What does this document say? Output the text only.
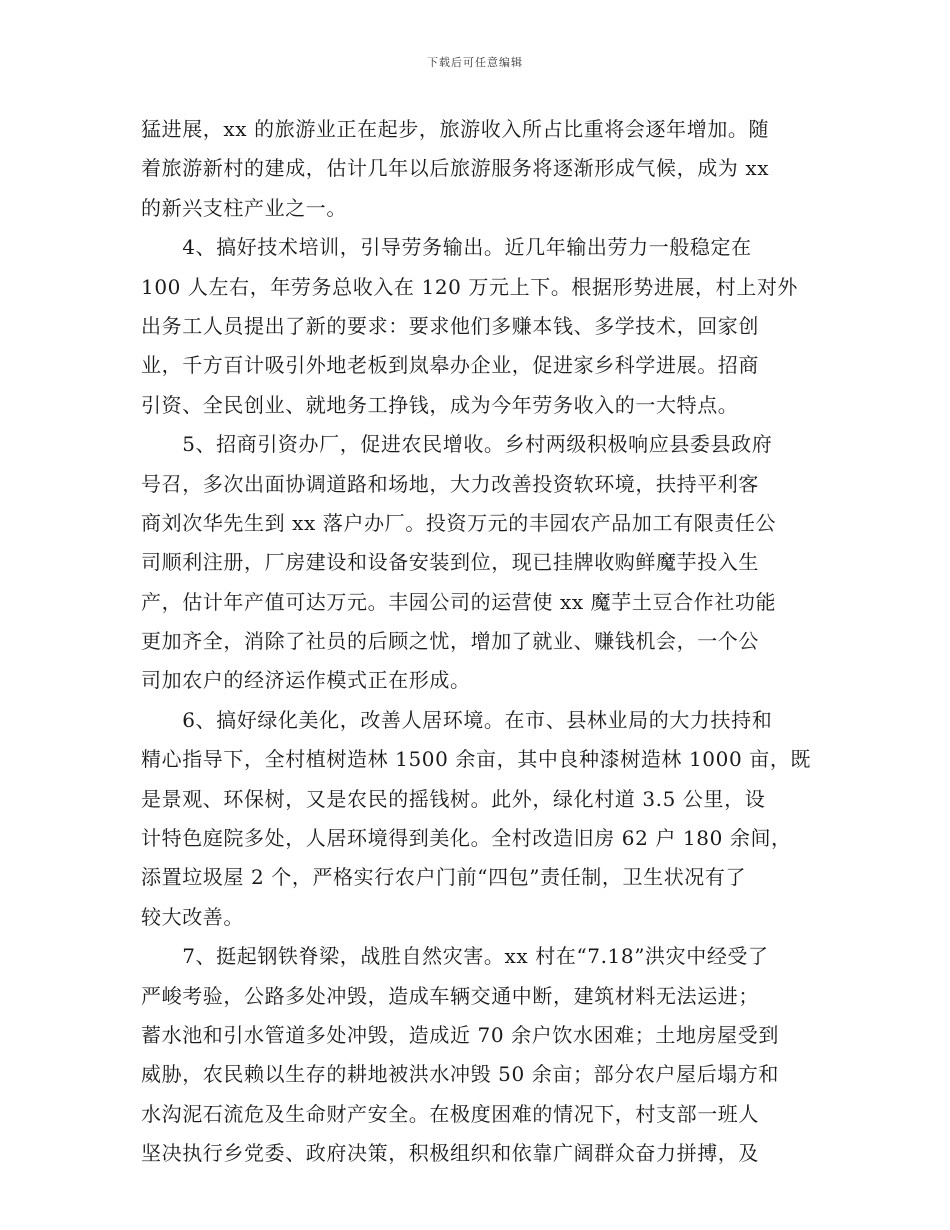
下载后可任意编辑
猛进展，xx 的旅游业正在起步，旅游收入所占比重将会逐年增加。随
着旅游新村的建成，估计几年以后旅游服务将逐渐形成气候，成为 xx
的新兴支柱产业之一。
　　4、搞好技术培训，引导劳务输出。近几年输出劳力一般稳定在
100 人左右，年劳务总收入在 120 万元上下。根据形势进展，村上对外
出务工人员提出了新的要求：要求他们多赚本钱、多学技术，回家创
业，千方百计吸引外地老板到岚皋办企业，促进家乡科学进展。招商
引资、全民创业、就地务工挣钱，成为今年劳务收入的一大特点。
　　5、招商引资办厂，促进农民增收。乡村两级积极响应县委县政府
号召，多次出面协调道路和场地，大力改善投资软环境，扶持平利客
商刘次华先生到 xx 落户办厂。投资万元的丰园农产品加工有限责任公
司顺利注册，厂房建设和设备安装到位，现已挂牌收购鲜魔芋投入生
产，估计年产值可达万元。丰园公司的运营使 xx 魔芋土豆合作社功能
更加齐全，消除了社员的后顾之忧，增加了就业、赚钱机会，一个公
司加农户的经济运作模式正在形成。
　　6、搞好绿化美化，改善人居环境。在市、县林业局的大力扶持和
精心指导下，全村植树造林 1500 余亩，其中良种漆树造林 1000 亩，既
是景观、环保树，又是农民的摇钱树。此外，绿化村道 3.5 公里，设
计特色庭院多处，人居环境得到美化。全村改造旧房 62 户 180 余间，
添置垃圾屋 2 个，严格实行农户门前“四包”责任制，卫生状况有了
较大改善。
　　7、挺起钢铁脊梁，战胜自然灾害。xx 村在“7.18”洪灾中经受了
严峻考验，公路多处冲毁，造成车辆交通中断，建筑材料无法运进；
蓄水池和引水管道多处冲毁，造成近 70 余户饮水困难；土地房屋受到
威胁，农民赖以生存的耕地被洪水冲毁 50 余亩；部分农户屋后塌方和
水沟泥石流危及生命财产安全。在极度困难的情况下，村支部一班人
坚决执行乡党委、政府决策，积极组织和依靠广阔群众奋力拼搏，及
